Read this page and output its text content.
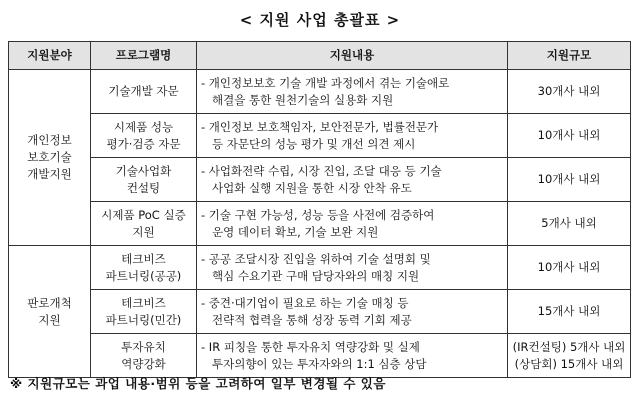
< 지원 사업 총괄표 >
지원분야	프로그램명	지원내용	지원규모
개인정보
보호기술
개발지원	기술개발 자문	- 개인정보보호 기술 개발 과정에서 겪는 기술애로
해결을 통한 원천기술의 실용화 지원	30개사 내외
	시제품 성능
평가·검증 자문	- 개인정보 보호책임자, 보안전문가, 법률전문가
등 자문단의 성능 평가 및 개선 의견 제시	10개사 내외
	기술사업화
컨설팅	- 사업화전략 수립, 시장 진입, 조달 대응 등 기술
사업화 실행 지원을 통한 시장 안착 유도	10개사 내외
	시제품 PoC 실증
지원	- 기술 구현 가능성, 성능 등을 사전에 검증하여
운영 데이터 확보, 기술 보완 지원	5개사 내외
판로개척
지원	테크비즈
파트너링(공공)	- 공공 조달시장 진입을 위하여 기술 설명회 및
핵심 수요기관 구매 담당자와의 매칭 지원	10개사 내외
	테크비즈
파트너링(민간)	- 중견·대기업이 필요로 하는 기술 매칭 등
전략적 협력을 통해 성장 동력 기회 제공	15개사 내외
	투자유치
역량강화	- IR 피칭을 통한 투자유치 역량강화 및 실제
투자의향이 있는 투자자와의 1:1 심층 상담	(IR컨설팅) 5개사 내외
(상담회) 15개사 내외
※ 지원규모는 과업 내용·범위 등을 고려하여 일부 변경될 수 있음
